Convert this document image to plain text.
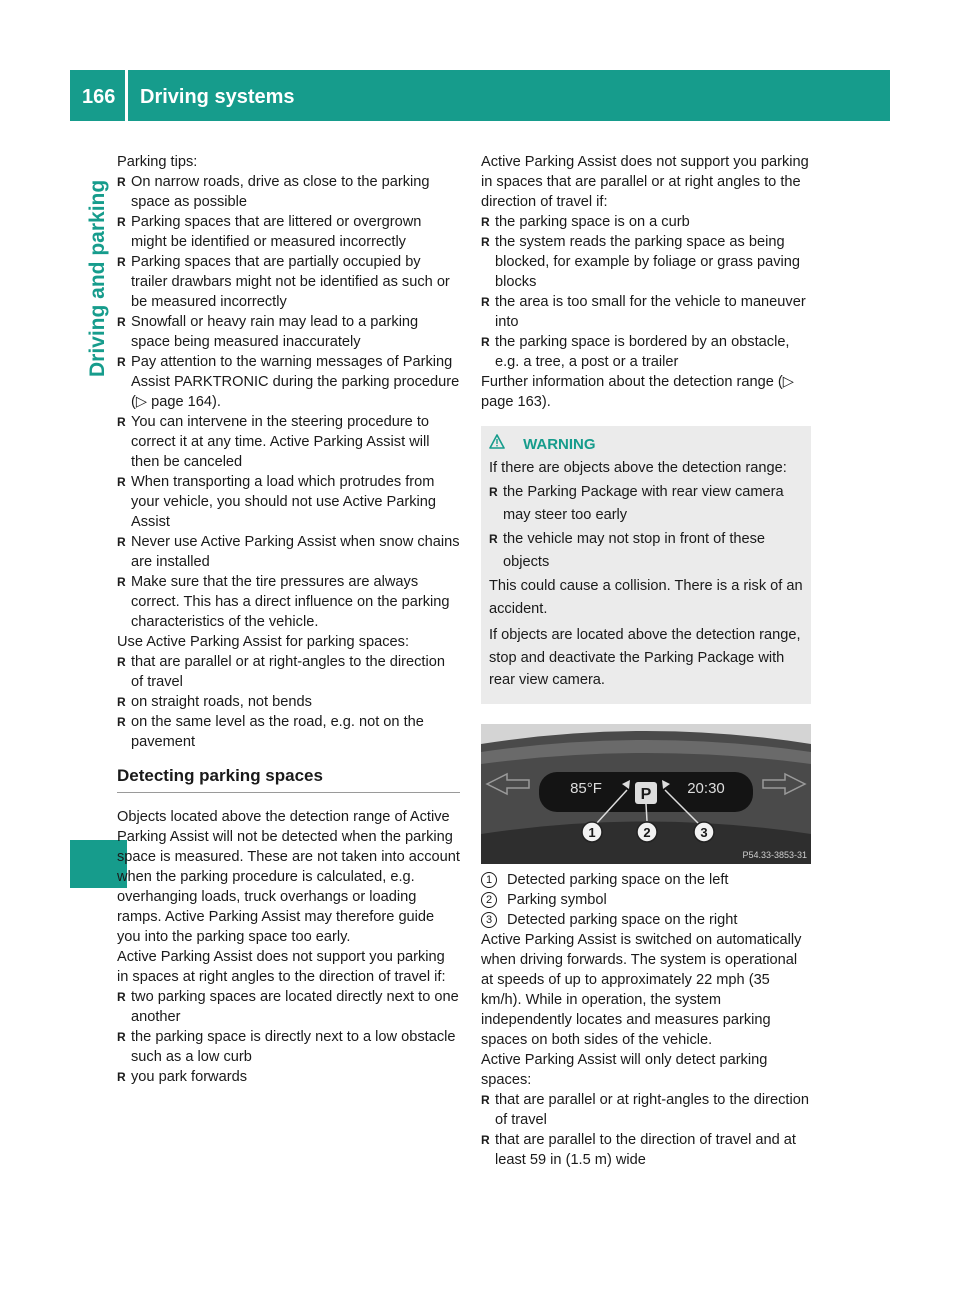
166 Driving systems
Driving and parking

Parking tips:

R On narrow roads, drive as close to the parking space as possible

R Parking spaces that are littered or overgrown might be identified or measured incorrectly

R Parking spaces that are partially occupied by trailer drawbars might not be identified as such or be measured incorrectly

R Snowfall or heavy rain may lead to a parking space being measured inaccurately

R Pay attention to the warning messages of Parking Assist PARKTRONIC during the parking procedure (▷ page 164).

R You can intervene in the steering procedure to correct it at any time. Active Parking Assist will then be canceled

R When transporting a load which protrudes from your vehicle, you should not use Active Parking Assist

R Never use Active Parking Assist when snow chains are installed

R Make sure that the tire pressures are always correct. This has a direct influence on the parking characteristics of the vehicle.

Use Active Parking Assist for parking spaces:

R that are parallel or at right-angles to the direction of travel

R on straight roads, not bends

R on the same level as the road, e.g. not on the pavement

Detecting parking spaces

Objects located above the detection range of Active Parking Assist will not be detected when the parking space is measured. These are not taken into account when the parking procedure is calculated, e.g. overhanging loads, truck overhangs or loading ramps. Active Parking Assist may therefore guide you into the parking space too early.

Active Parking Assist does not support you parking in spaces at right angles to the direction of travel if:

R two parking spaces are located directly next to one another

R the parking space is directly next to a low obstacle such as a low curb

R you park forwards

Active Parking Assist does not support you parking in spaces that are parallel or at right angles to the direction of travel if:

R the parking space is on a curb

R the system reads the parking space as being blocked, for example by foliage or grass paving blocks

R the area is too small for the vehicle to maneuver into

R the parking space is bordered by an obstacle, e.g. a tree, a post or a trailer

Further information about the detection range (▷ page 163).

WARNING

If there are objects above the detection range:

R the Parking Package with rear view camera may steer too early

R the vehicle may not stop in front of these objects

This could cause a collision. There is a risk of an accident.

If objects are located above the detection range, stop and deactivate the Parking Package with rear view camera.

85°F P 20:30
1	2	3
P54.33-3853-31

1	Detected parking space on the left

2	Parking symbol

3	Detected parking space on the right

Active Parking Assist is switched on automatically when driving forwards. The system is operational at speeds of up to approximately 22 mph (35 km/h). While in operation, the system independently locates and measures parking spaces on both sides of the vehicle.

Active Parking Assist will only detect parking spaces:

R that are parallel or at right-angles to the direction of travel

R that are parallel to the direction of travel and at least 59 in (1.5 m) wide
